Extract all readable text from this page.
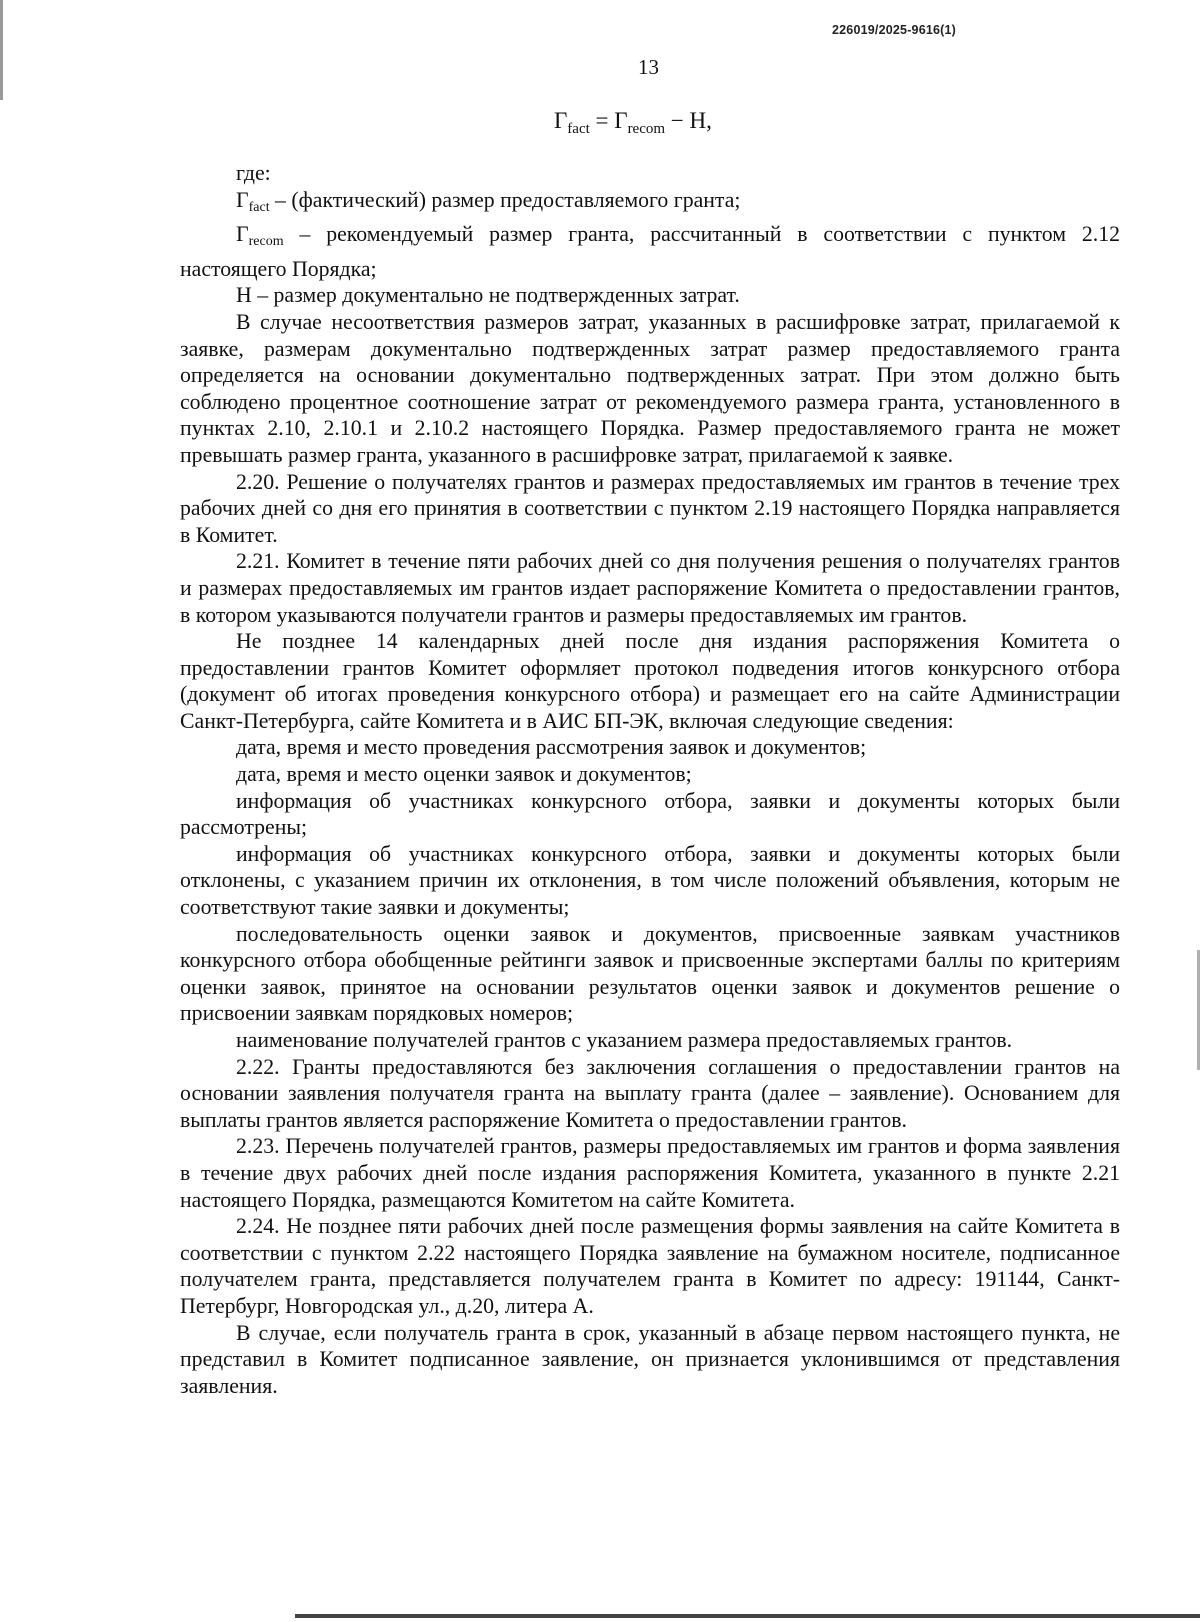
226019/2025-9616(1)
13
$Г_{fact} = Г_{recom} - Н$,

где:

$Г_{fact}$ – (фактический) размер предоставляемого гранта;

$Г_{recom}$ – рекомендуемый размер гранта, рассчитанный в соответствии с пунктом 2.12 настоящего Порядка;

Н – размер документально не подтвержденных затрат.

В случае несоответствия размеров затрат, указанных в расшифровке затрат, прилагаемой к заявке, размерам документально подтвержденных затрат размер предоставляемого гранта определяется на основании документально подтвержденных затрат. При этом должно быть соблюдено процентное соотношение затрат от рекомендуемого размера гранта, установленного в пунктах 2.10, 2.10.1 и 2.10.2 настоящего Порядка. Размер предоставляемого гранта не может превышать размер гранта, указанного в расшифровке затрат, прилагаемой к заявке.

2.20. Решение о получателях грантов и размерах предоставляемых им грантов в течение трех рабочих дней со дня его принятия в соответствии с пунктом 2.19 настоящего Порядка направляется в Комитет.

2.21. Комитет в течение пяти рабочих дней со дня получения решения о получателях грантов и размерах предоставляемых им грантов издает распоряжение Комитета о предоставлении грантов, в котором указываются получатели грантов и размеры предоставляемых им грантов.

Не позднее 14 календарных дней после дня издания распоряжения Комитета о предоставлении грантов Комитет оформляет протокол подведения итогов конкурсного отбора (документ об итогах проведения конкурсного отбора) и размещает его на сайте Администрации Санкт-Петербурга, сайте Комитета и в АИС БП-ЭК, включая следующие сведения:

дата, время и место проведения рассмотрения заявок и документов;

дата, время и место оценки заявок и документов;

информация об участниках конкурсного отбора, заявки и документы которых были рассмотрены;

информация об участниках конкурсного отбора, заявки и документы которых были отклонены, с указанием причин их отклонения, в том числе положений объявления, которым не соответствуют такие заявки и документы;

последовательность оценки заявок и документов, присвоенные заявкам участников конкурсного отбора обобщенные рейтинги заявок и присвоенные экспертами баллы по критериям оценки заявок, принятое на основании результатов оценки заявок и документов решение о присвоении заявкам порядковых номеров;

наименование получателей грантов с указанием размера предоставляемых грантов.

2.22. Гранты предоставляются без заключения соглашения о предоставлении грантов на основании заявления получателя гранта на выплату гранта (далее – заявление). Основанием для выплаты грантов является распоряжение Комитета о предоставлении грантов.

2.23. Перечень получателей грантов, размеры предоставляемых им грантов и форма заявления в течение двух рабочих дней после издания распоряжения Комитета, указанного в пункте 2.21 настоящего Порядка, размещаются Комитетом на сайте Комитета.

2.24. Не позднее пяти рабочих дней после размещения формы заявления на сайте Комитета в соответствии с пунктом 2.22 настоящего Порядка заявление на бумажном носителе, подписанное получателем гранта, представляется получателем гранта в Комитет по адресу: 191144, Санкт-Петербург, Новгородская ул., д.20, литера А.

В случае, если получатель гранта в срок, указанный в абзаце первом настоящего пункта, не представил в Комитет подписанное заявление, он признается уклонившимся от представления заявления.
